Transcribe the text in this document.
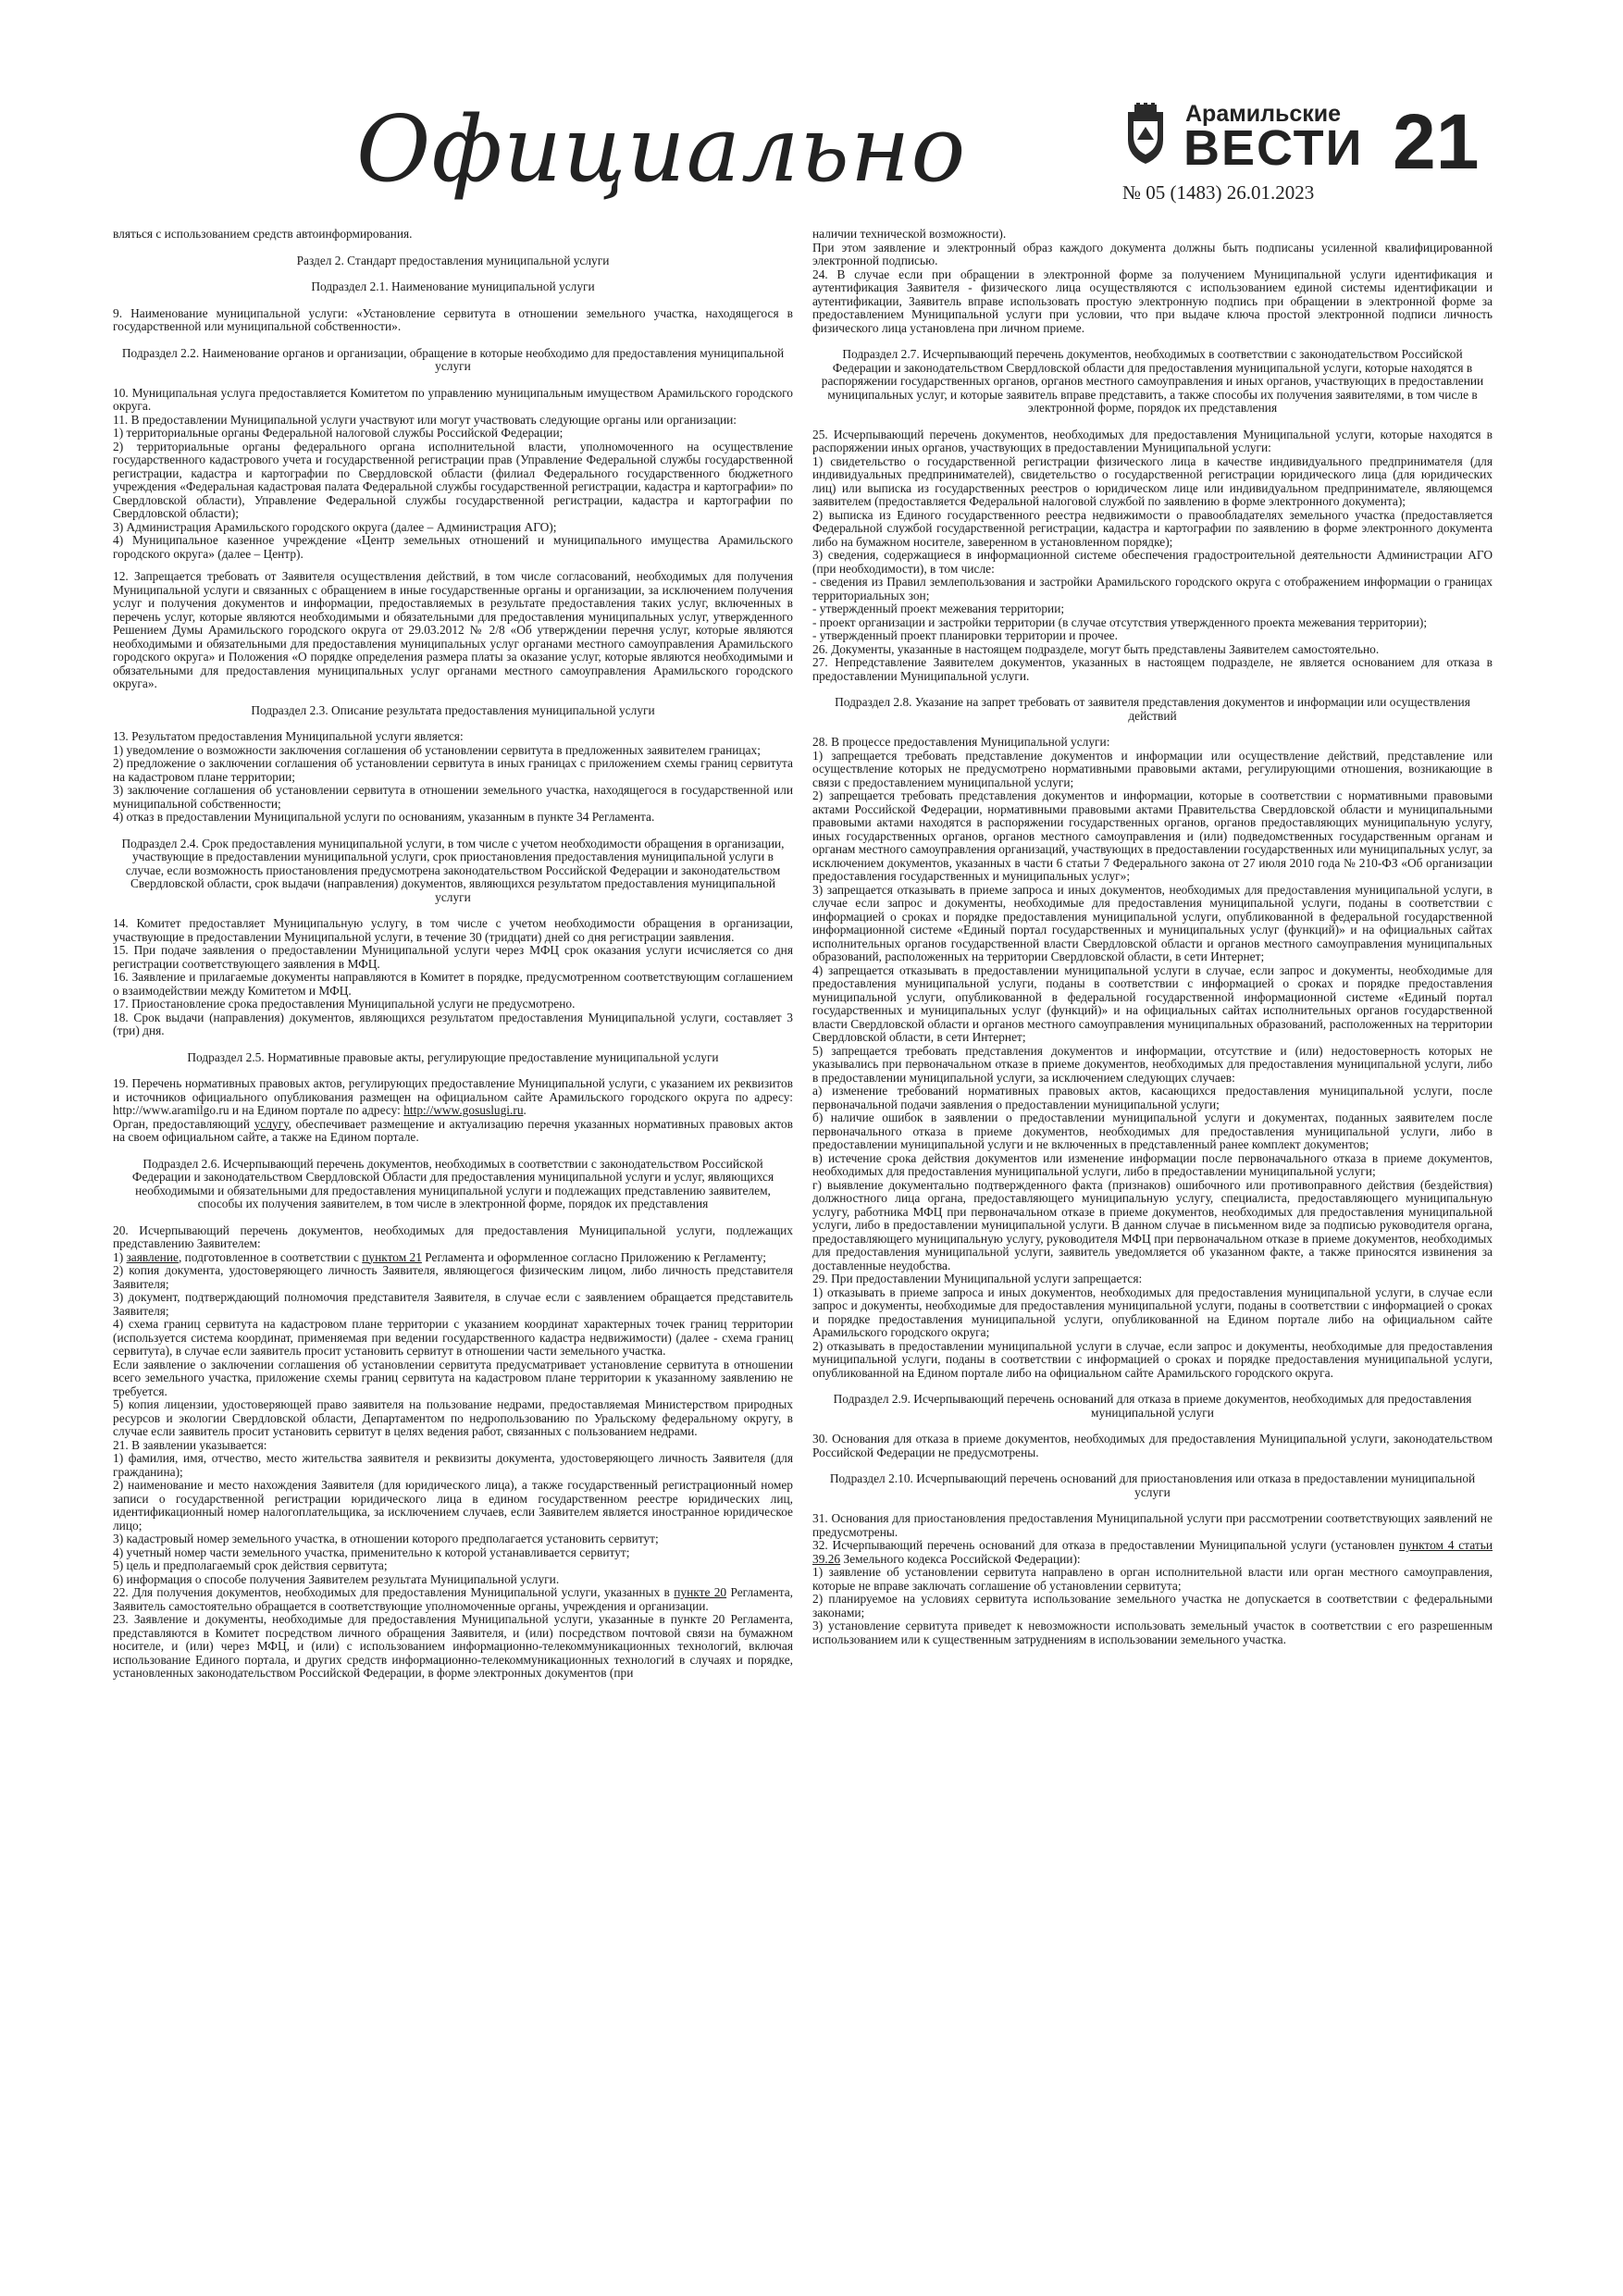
Официально	Арамильские
ВЕСТИ
№ 05 (1483) 26.01.2023
21

вляться с использованием средств автоинформирования.

Раздел 2. Стандарт предоставления муниципальной услуги

Подраздел 2.1. Наименование муниципальной услуги

9. Наименование муниципальной услуги: «Установление сервитута в отношении земельного участка, находящегося в государственной или муниципальной собственности».

Подраздел 2.2. Наименование органов и организации, обращение в которые необходимо для предоставления муниципальной услуги

10. Муниципальная услуга предоставляется Комитетом по управлению муниципальным имуществом Арамильского городского округа.

11. В предоставлении Муниципальной услуги участвуют или могут участвовать следующие органы или организации:

1) территориальные органы Федеральной налоговой службы Российской Федерации;

2) территориальные органы федерального органа исполнительной власти, уполномоченного на осуществление государственного кадастрового учета и государственной регистрации прав (Управление Федеральной службы государственной регистрации, кадастра и картографии по Свердловской области (филиал Федерального государственного бюджетного учреждения «Федеральная кадастровая палата Федеральной службы государственной регистрации, кадастра и картографии» по Свердловской области), Управление Федеральной службы государственной регистрации, кадастра и картографии по Свердловской области);

3) Администрация Арамильского городского округа (далее – Администрация АГО);

4) Муниципальное казенное учреждение «Центр земельных отношений и муниципального имущества Арамильского городского округа» (далее – Центр).

12. Запрещается требовать от Заявителя осуществления действий, в том числе согласований, необходимых для получения Муниципальной услуги и связанных с обращением в иные государственные органы и организации, за исключением получения услуг и получения документов и информации, предоставляемых в результате предоставления таких услуг, включенных в перечень услуг, которые являются необходимыми и обязательными для предоставления муниципальных услуг, утвержденного Решением Думы Арамильского городского округа от 29.03.2012 № 2/8 «Об утверждении перечня услуг, которые являются необходимыми и обязательными для предоставления муниципальных услуг органами местного самоуправления Арамильского городского округа» и Положения «О порядке определения размера платы за оказание услуг, которые являются необходимыми и обязательными для предоставления муниципальных услуг органами местного самоуправления Арамильского городского округа».

Подраздел 2.3. Описание результата предоставления муниципальной услуги

13. Результатом предоставления Муниципальной услуги является:

1) уведомление о возможности заключения соглашения об установлении сервитута в предложенных заявителем границах;

2) предложение о заключении соглашения об установлении сервитута в иных границах с приложением схемы границ сервитута на кадастровом плане территории;

3) заключение соглашения об установлении сервитута в отношении земельного участка, находящегося в государственной или муниципальной собственности;

4) отказ в предоставлении Муниципальной услуги по основаниям, указанным в пункте 34 Регламента.

Подраздел 2.4. Срок предоставления муниципальной услуги, в том числе с учетом необходимости обращения в организации, участвующие в предоставлении муниципальной услуги, срок приостановления предоставления муниципальной услуги в случае, если возможность приостановления предусмотрена законодательством Российской Федерации и законодательством Свердловской области, срок выдачи (направления) документов, являющихся результатом предоставления муниципальной услуги

14. Комитет предоставляет Муниципальную услугу, в том числе с учетом необходимости обращения в организации, участвующие в предоставлении Муниципальной услуги, в течение 30 (тридцати) дней со дня регистрации заявления.

15. При подаче заявления о предоставлении Муниципальной услуги через МФЦ срок оказания услуги исчисляется со дня регистрации соответствующего заявления в МФЦ.

16. Заявление и прилагаемые документы направляются в Комитет в порядке, предусмотренном соответствующим соглашением о взаимодействии между Комитетом и МФЦ.

17. Приостановление срока предоставления Муниципальной услуги не предусмотрено.

18. Срок выдачи (направления) документов, являющихся результатом предоставления Муниципальной услуги, составляет 3 (три) дня.

Подраздел 2.5. Нормативные правовые акты, регулирующие предоставление муниципальной услуги

19. Перечень нормативных правовых актов, регулирующих предоставление Муниципальной услуги, с указанием их реквизитов и источников официального опубликования размещен на официальном сайте Арамильского городского округа по адресу: http://www.aramilgo.ru и на Едином портале по адресу: http://www.gosuslugi.ru.

Орган, предоставляющий услугу, обеспечивает размещение и актуализацию перечня указанных нормативных правовых актов на своем официальном сайте, а также на Едином портале.

Подраздел 2.6. Исчерпывающий перечень документов, необходимых в соответствии с законодательством Российской Федерации и законодательством Свердловской Области для предоставления муниципальной услуги и услуг, являющихся необходимыми и обязательными для предоставления муниципальной услуги и подлежащих представлению заявителем, способы их получения заявителем, в том числе в электронной форме, порядок их представления

20. Исчерпывающий перечень документов, необходимых для предоставления Муниципальной услуги, подлежащих представлению Заявителем:

1) заявление, подготовленное в соответствии с пунктом 21 Регламента и оформленное согласно Приложению к Регламенту;

2) копия документа, удостоверяющего личность Заявителя, являющегося физическим лицом, либо личность представителя Заявителя;

3) документ, подтверждающий полномочия представителя Заявителя, в случае если с заявлением обращается представитель Заявителя;

4) схема границ сервитута на кадастровом плане территории с указанием координат характерных точек границ территории (используется система координат, применяемая при ведении государственного кадастра недвижимости) (далее - схема границ сервитута), в случае если заявитель просит установить сервитут в отношении части земельного участка.

Если заявление о заключении соглашения об установлении сервитута предусматривает установление сервитута в отношении всего земельного участка, приложение схемы границ сервитута на кадастровом плане территории к указанному заявлению не требуется.

5) копия лицензии, удостоверяющей право заявителя на пользование недрами, предоставляемая Министерством природных ресурсов и экологии Свердловской области, Департаментом по недропользованию по Уральскому федеральному округу, в случае если заявитель просит установить сервитут в целях ведения работ, связанных с пользованием недрами.

21. В заявлении указывается:

1) фамилия, имя, отчество, место жительства заявителя и реквизиты документа, удостоверяющего личность Заявителя (для гражданина);

2) наименование и место нахождения Заявителя (для юридического лица), а также государственный регистрационный номер записи о государственной регистрации юридического лица в едином государственном реестре юридических лиц, идентификационный номер налогоплательщика, за исключением случаев, если Заявителем является иностранное юридическое лицо;

3) кадастровый номер земельного участка, в отношении которого предполагается установить сервитут;

4) учетный номер части земельного участка, применительно к которой устанавливается сервитут;

5) цель и предполагаемый срок действия сервитута;

6) информация о способе получения Заявителем результата Муниципальной услуги.

22. Для получения документов, необходимых для предоставления Муниципальной услуги, указанных в пункте 20 Регламента, Заявитель самостоятельно обращается в соответствующие уполномоченные органы, учреждения и организации.

23. Заявление и документы, необходимые для предоставления Муниципальной услуги, указанные в пункте 20 Регламента, представляются в Комитет посредством личного обращения Заявителя, и (или) посредством почтовой связи на бумажном носителе, и (или) через МФЦ, и (или) с использованием информационно-телекоммуникационных технологий, включая использование Единого портала, и других средств информационно-телекоммуникационных технологий в случаях и порядке, установленных законодательством Российской Федерации, в форме электронных документов (при

наличии технической возможности).

При этом заявление и электронный образ каждого документа должны быть подписаны усиленной квалифицированной электронной подписью.

24. В случае если при обращении в электронной форме за получением Муниципальной услуги идентификация и аутентификация Заявителя - физического лица осуществляются с использованием единой системы идентификации и аутентификации, Заявитель вправе использовать простую электронную подпись при обращении в электронной форме за предоставлением Муниципальной услуги при условии, что при выдаче ключа простой электронной подписи личность физического лица установлена при личном приеме.

Подраздел 2.7. Исчерпывающий перечень документов, необходимых в соответствии с законодательством Российской Федерации и законодательством Свердловской области для предоставления муниципальной услуги, которые находятся в распоряжении государственных органов, органов местного самоуправления и иных органов, участвующих в предоставлении муниципальных услуг, и которые заявитель вправе представить, а также способы их получения заявителями, в том числе в электронной форме, порядок их представления

25. Исчерпывающий перечень документов, необходимых для предоставления Муниципальной услуги, которые находятся в распоряжении иных органов, участвующих в предоставлении Муниципальной услуги:

1) свидетельство о государственной регистрации физического лица в качестве индивидуального предпринимателя (для индивидуальных предпринимателей), свидетельство о государственной регистрации юридического лица (для юридических лиц) или выписка из государственных реестров о юридическом лице или индивидуальном предпринимателе, являющемся заявителем (предоставляется Федеральной налоговой службой по заявлению в форме электронного документа);

2) выписка из Единого государственного реестра недвижимости о правообладателях земельного участка (предоставляется Федеральной службой государственной регистрации, кадастра и картографии по заявлению в форме электронного документа либо на бумажном носителе, заверенном в установленном порядке);

3) сведения, содержащиеся в информационной системе обеспечения градостроительной деятельности Администрации АГО (при необходимости), в том числе:

- сведения из Правил землепользования и застройки Арамильского городского округа с отображением информации о границах территориальных зон;

- утвержденный проект межевания территории;

- проект организации и застройки территории (в случае отсутствия утвержденного проекта межевания территории);

- утвержденный проект планировки территории и прочее.

26. Документы, указанные в настоящем подразделе, могут быть представлены Заявителем самостоятельно.

27. Непредставление Заявителем документов, указанных в настоящем подразделе, не является основанием для отказа в предоставлении Муниципальной услуги.

Подраздел 2.8. Указание на запрет требовать от заявителя представления документов и информации или осуществления действий

28. В процессе предоставления Муниципальной услуги:

1) запрещается требовать представление документов и информации или осуществление действий, представление или осуществление которых не предусмотрено нормативными правовыми актами, регулирующими отношения, возникающие в связи с предоставлением муниципальной услуги;

2) запрещается требовать представления документов и информации, которые в соответствии с нормативными правовыми актами Российской Федерации, нормативными правовыми актами Правительства Свердловской области и муниципальными правовыми актами находятся в распоряжении государственных органов, органов предоставляющих муниципальную услугу, иных государственных органов, органов местного самоуправления и (или) подведомственных государственным органам и органам местного самоуправления организаций, участвующих в предоставлении государственных или муниципальных услуг, за исключением документов, указанных в части 6 статьи 7 Федерального закона от 27 июля 2010 года № 210-ФЗ «Об организации предоставления государственных и муниципальных услуг»;

3) запрещается отказывать в приеме запроса и иных документов, необходимых для предоставления муниципальной услуги, в случае если запрос и документы, необходимые для предоставления муниципальной услуги, поданы в соответствии с информацией о сроках и порядке предоставления муниципальной услуги, опубликованной в федеральной государственной информационной системе «Единый портал государственных и муниципальных услуг (функций)» и на официальных сайтах исполнительных органов государственной власти Свердловской области и органов местного самоуправления муниципальных образований, расположенных на территории Свердловской области, в сети Интернет;

4) запрещается отказывать в предоставлении муниципальной услуги в случае, если запрос и документы, необходимые для предоставления муниципальной услуги, поданы в соответствии с информацией о сроках и порядке предоставления муниципальной услуги, опубликованной в федеральной государственной информационной системе «Единый портал государственных и муниципальных услуг (функций)» и на официальных сайтах исполнительных органов государственной власти Свердловской области и органов местного самоуправления муниципальных образований, расположенных на территории Свердловской области, в сети Интернет;

5) запрещается требовать представления документов и информации, отсутствие и (или) недостоверность которых не указывались при первоначальном отказе в приеме документов, необходимых для предоставления муниципальной услуги, либо в предоставлении муниципальной услуги, за исключением следующих случаев:

а) изменение требований нормативных правовых актов, касающихся предоставления муниципальной услуги, после первоначальной подачи заявления о предоставлении муниципальной услуги;

б) наличие ошибок в заявлении о предоставлении муниципальной услуги и документах, поданных заявителем после первоначального отказа в приеме документов, необходимых для предоставления муниципальной услуги, либо в предоставлении муниципальной услуги и не включенных в представленный ранее комплект документов;

в) истечение срока действия документов или изменение информации после первоначального отказа в приеме документов, необходимых для предоставления муниципальной услуги, либо в предоставлении муниципальной услуги;

г) выявление документально подтвержденного факта (признаков) ошибочного или противоправного действия (бездействия) должностного лица органа, предоставляющего муниципальную услугу, специалиста, предоставляющего муниципальную услугу, работника МФЦ при первоначальном отказе в приеме документов, необходимых для предоставления муниципальной услуги, либо в предоставлении муниципальной услуги. В данном случае в письменном виде за подписью руководителя органа, предоставляющего муниципальную услугу, руководителя МФЦ при первоначальном отказе в приеме документов, необходимых для предоставления муниципальной услуги, заявитель уведомляется об указанном факте, а также приносятся извинения за доставленные неудобства.

29. При предоставлении Муниципальной услуги запрещается:

1) отказывать в приеме запроса и иных документов, необходимых для предоставления муниципальной услуги, в случае если запрос и документы, необходимые для предоставления муниципальной услуги, поданы в соответствии с информацией о сроках и порядке предоставления муниципальной услуги, опубликованной на Едином портале либо на официальном сайте Арамильского городского округа;

2) отказывать в предоставлении муниципальной услуги в случае, если запрос и документы, необходимые для предоставления муниципальной услуги, поданы в соответствии с информацией о сроках и порядке предоставления муниципальной услуги, опубликованной на Едином портале либо на официальном сайте Арамильского городского округа.

Подраздел 2.9. Исчерпывающий перечень оснований для отказа в приеме документов, необходимых для предоставления муниципальной услуги

30. Основания для отказа в приеме документов, необходимых для предоставления Муниципальной услуги, законодательством Российской Федерации не предусмотрены.

Подраздел 2.10. Исчерпывающий перечень оснований для приостановления или отказа в предоставлении муниципальной услуги

31. Основания для приостановления предоставления Муниципальной услуги при рассмотрении соответствующих заявлений не предусмотрены.

32. Исчерпывающий перечень оснований для отказа в предоставлении Муниципальной услуги (установлен пунктом 4 статьи 39.26 Земельного кодекса Российской Федерации):

1) заявление об установлении сервитута направлено в орган исполнительной власти или орган местного самоуправления, которые не вправе заключать соглашение об установлении сервитута;

2) планируемое на условиях сервитута использование земельного участка не допускается в соответствии с федеральными законами;

3) установление сервитута приведет к невозможности использовать земельный участок в соответствии с его разрешенным использованием или к существенным затруднениям в использовании земельного участка.
